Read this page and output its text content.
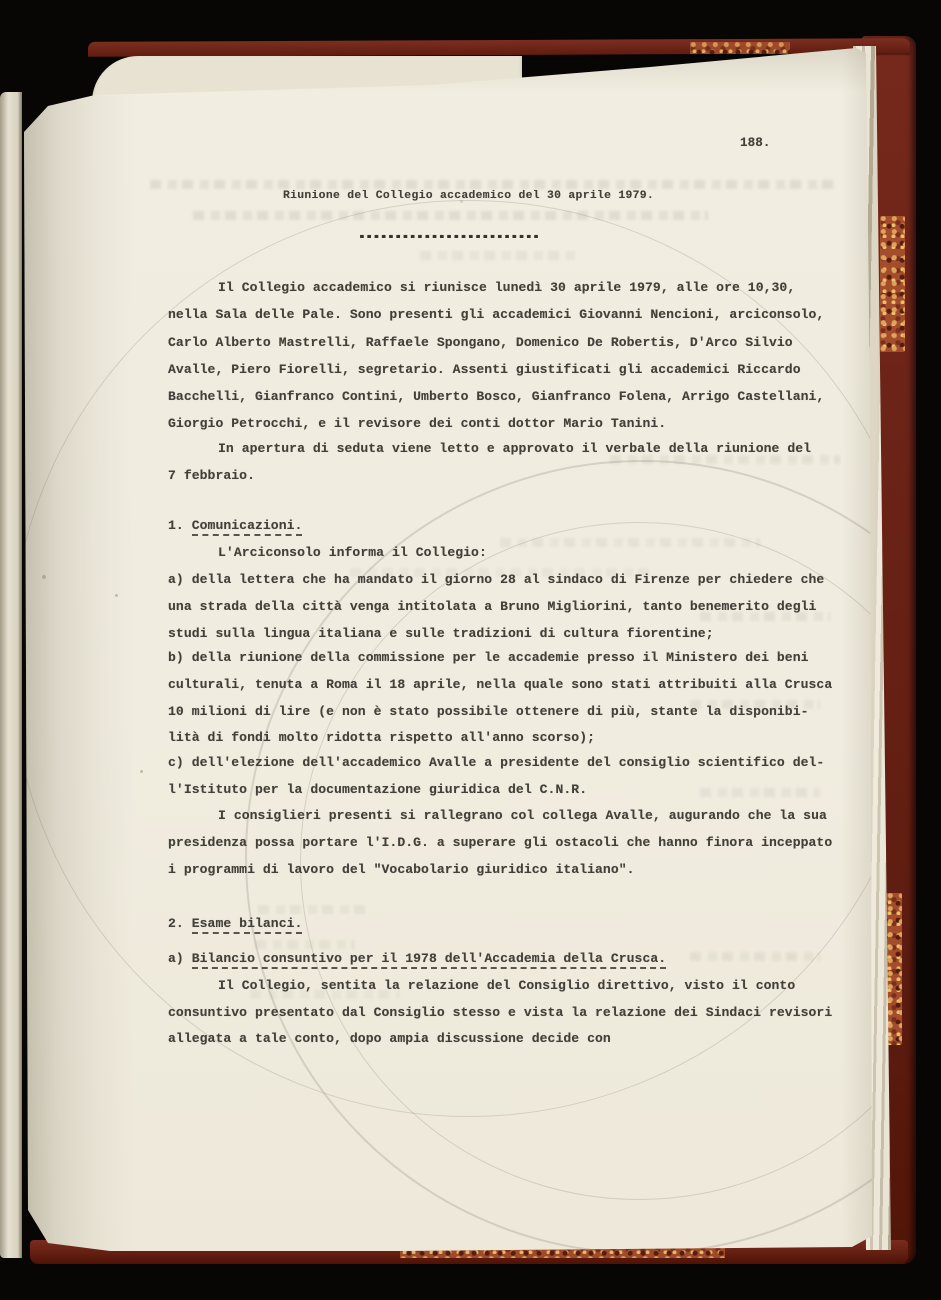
188.
Riunione del Collegio accademico del 30 aprile 1979.
-------------------------
Il Collegio accademico si riunisce lunedì 30 aprile 1979, alle ore 10,30,
nella Sala delle Pale. Sono presenti gli accademici Giovanni Nencioni, arciconsolo,
Carlo Alberto Mastrelli, Raffaele Spongano, Domenico De Robertis, D'Arco Silvio
Avalle, Piero Fiorelli, segretario. Assenti giustificati gli accademici Riccardo
Bacchelli, Gianfranco Contini, Umberto Bosco, Gianfranco Folena, Arrigo Castellani,
Giorgio Petrocchi, e il revisore dei conti dottor Mario Tanini.
In apertura di seduta viene letto e approvato il verbale della riunione del
7 febbraio.
1. Comunicazioni.
L'Arciconsolo informa il Collegio:
a) della lettera che ha mandato il giorno 28 al sindaco di Firenze per chiedere che
una strada della città venga intitolata a Bruno Migliorini, tanto benemerito degli
studi sulla lingua italiana e sulle tradizioni di cultura fiorentine;
b) della riunione della commissione per le accademie presso il Ministero dei beni
culturali, tenuta a Roma il 18 aprile, nella quale sono stati attribuiti alla Crusca
10 milioni di lire (e non è stato possibile ottenere di più, stante la disponibi-
lità di fondi molto ridotta rispetto all'anno scorso);
c) dell'elezione dell'accademico Avalle a presidente del consiglio scientifico del-
l'Istituto per la documentazione giuridica del C.N.R.
I consiglieri presenti si rallegrano col collega Avalle, augurando che la sua
presidenza possa portare l'I.D.G. a superare gli ostacoli che hanno finora inceppato
i programmi di lavoro del "Vocabolario giuridico italiano".
2. Esame bilanci.
a) Bilancio consuntivo per il 1978 dell'Accademia della Crusca.
Il Collegio, sentita la relazione del Consiglio direttivo, visto il conto
consuntivo presentato dal Consiglio stesso e vista la relazione dei Sindaci revisori
allegata a tale conto, dopo ampia discussione decide con
